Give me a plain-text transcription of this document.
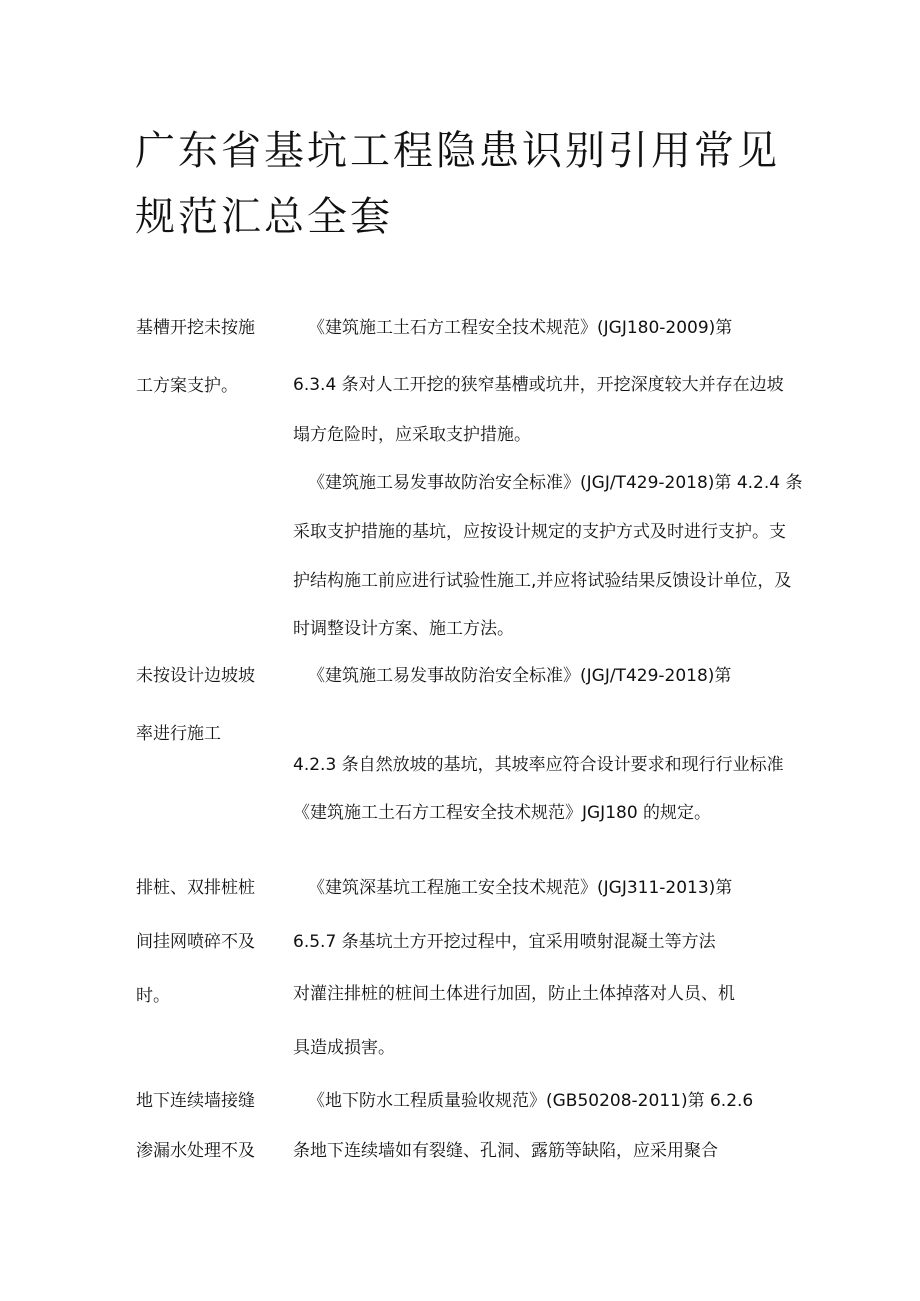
广东省基坑工程隐患识别引用常见
规范汇总全套
基槽开挖未按施
工方案支护。
《建筑施工土石方工程安全技术规范》(JGJ180-2009)第
6.3.4 条对人工开挖的狭窄基槽或坑井，开挖深度较大并存在边坡
塌方危险时，应采取支护措施。
《建筑施工易发事故防治安全标准》(JGJ/T429-2018)第 4.2.4 条
采取支护措施的基坑，应按设计规定的支护方式及时进行支护。支
护结构施工前应进行试验性施工,并应将试验结果反馈设计单位，及
时调整设计方案、施工方法。
未按设计边坡坡
率进行施工
《建筑施工易发事故防治安全标准》(JGJ/T429-2018)第
4.2.3 条自然放坡的基坑，其坡率应符合设计要求和现行行业标准
《建筑施工土石方工程安全技术规范》JGJ180 的规定。
排桩、双排桩桩
间挂网喷碎不及
时。
《建筑深基坑工程施工安全技术规范》(JGJ311-2013)第
6.5.7 条基坑土方开挖过程中，宜采用喷射混凝土等方法
对灌注排桩的桩间土体进行加固，防止土体掉落对人员、机
具造成损害。
地下连续墙接缝
渗漏水处理不及
《地下防水工程质量验收规范》(GB50208-2011)第 6.2.6
条地下连续墙如有裂缝、孔洞、露筋等缺陷，应采用聚合
